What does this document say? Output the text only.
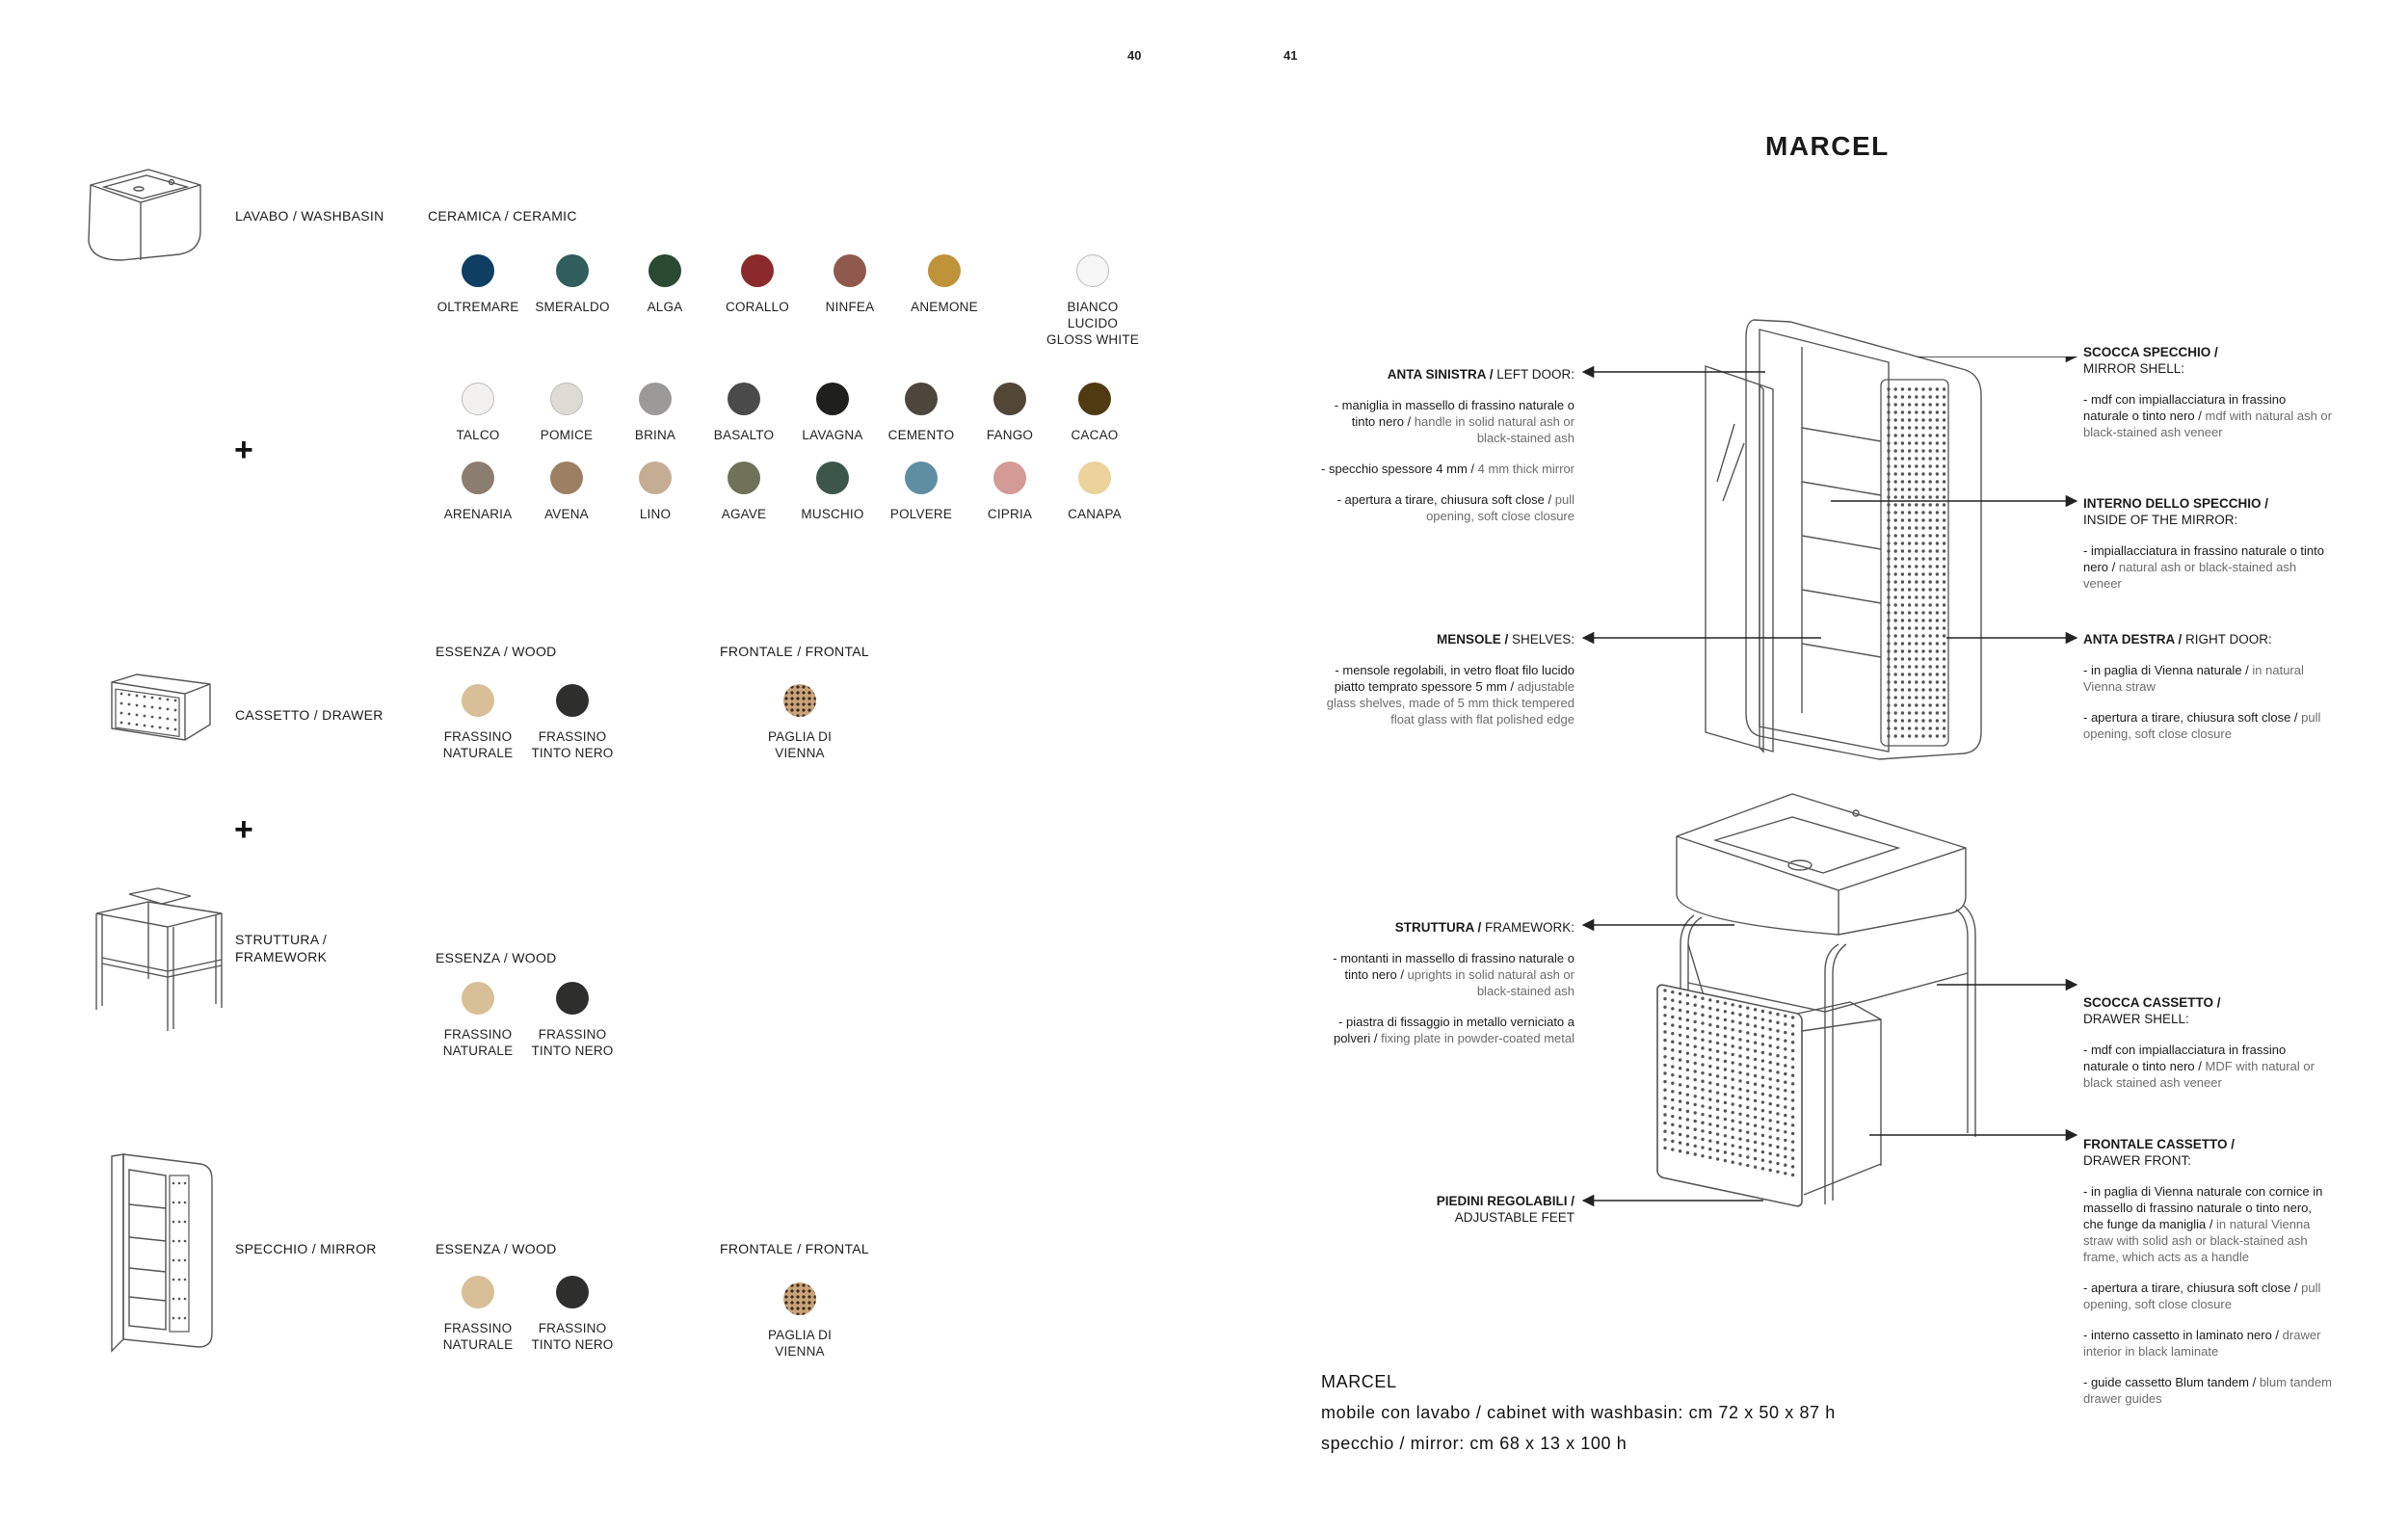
40	41
LAVABO / WASHBASIN	CERAMICA / CERAMIC
OLTREMARE	SMERALDO	ALGA	CORALLO	NINFEA	ANEMONE	BIANCO LUCIDO
GLOSS WHITE
TALCO	POMICE	BRINA	BASALTO	LAVAGNA	CEMENTO	FANGO	CACAO
ARENARIA	AVENA	LINO	AGAVE	MUSCHIO	POLVERE	CIPRIA	CANAPA
+
CASSETTO / DRAWER
ESSENZA / WOOD	FRONTALE / FRONTAL
FRASSINO
NATURALE
FRASSINO
TINTO NERO
PAGLIA DI
VIENNA
+
STRUTTURA /
FRAMEWORK	ESSENZA / WOOD
FRASSINO
NATURALE
FRASSINO
TINTO NERO
SPECCHIO / MIRROR	ESSENZA / WOOD	FRONTALE / FRONTAL
FRASSINO
NATURALE
FRASSINO
TINTO NERO
PAGLIA DI
VIENNA
MARCEL
ANTA SINISTRA / LEFT DOOR:

- maniglia in massello di frassino naturale o tinto nero / handle in solid natural ash or black-stained ash

- specchio spessore 4 mm / 4 mm thick mirror

- apertura a tirare, chiusura soft close / pull opening, soft close closure

MENSOLE / SHELVES:

- mensole regolabili, in vetro float filo lucido piatto temprato spessore 5 mm / adjustable glass shelves, made of 5 mm thick tempered float glass with flat polished edge

STRUTTURA / FRAMEWORK:

- montanti in massello di frassino naturale o tinto nero / uprights in solid natural ash or black-stained ash

- piastra di fissaggio in metallo verniciato a polveri / fixing plate in powder-coated metal

PIEDINI REGOLABILI /
ADJUSTABLE FEET
SCOCCA SPECCHIO /
MIRROR SHELL:

- mdf con impiallacciatura in frassino naturale o tinto nero / mdf with natural ash or black-stained ash veneer

INTERNO DELLO SPECCHIO /
INSIDE OF THE MIRROR:

- impiallacciatura in frassino naturale o tinto nero / natural ash or black-stained ash veneer

ANTA DESTRA / RIGHT DOOR:

- in paglia di Vienna naturale / in natural Vienna straw

- apertura a tirare, chiusura soft close / pull opening, soft close closure

SCOCCA CASSETTO /
DRAWER SHELL:

- mdf con impiallacciatura in frassino naturale o tinto nero / MDF with natural or black stained ash veneer

FRONTALE CASSETTO /
DRAWER FRONT:

- in paglia di Vienna naturale con cornice in massello di frassino naturale o tinto nero, che funge da maniglia / in natural Vienna straw with solid ash or black-stained ash frame, which acts as a handle

- apertura a tirare, chiusura soft close / pull opening, soft close closure

- interno cassetto in laminato nero / drawer interior in black laminate

- guide cassetto Blum tandem / blum tandem drawer guides

MARCEL
mobile con lavabo / cabinet with washbasin: cm 72 x 50 x 87 h
specchio / mirror: cm 68 x 13 x 100 h
